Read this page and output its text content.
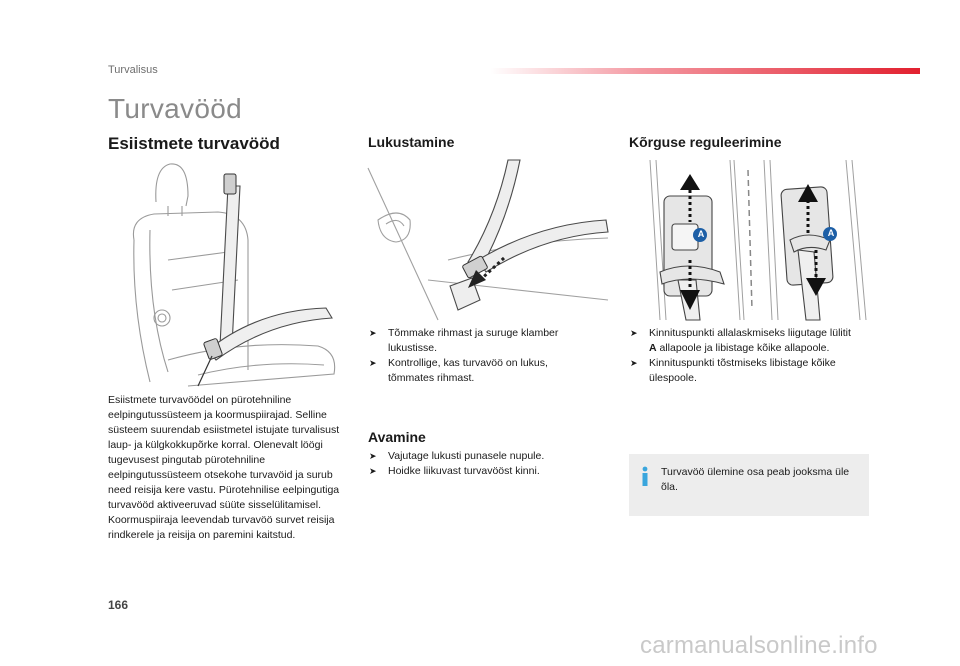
Turvalisus
Turvavööd
Esiistmete turvavööd
Esiistmete turvavöödel on pürotehniline eelpingutussüsteem ja koormuspiirajad. Selline süsteem suurendab esiistmetel istujate turvalisust laup- ja külgkokkupõrke korral. Olenevalt löögi tugevusest pingutab pürotehniline eelpingutussüsteem otsekohe turvavöid ja surub need reisija kere vastu. Pürotehnilise eelpingutiga turvavööd aktiveeruvad süüte sisselülitamisel. Koormuspiiraja leevendab turvavöö survet reisija rindkerele ja reisija on paremini kaitstud.
Lukustamine
➤ Tõmmake rihmast ja suruge klamber lukustisse.
➤ Kontrollige, kas turvavöö on lukus, tõmmates rihmast.
Avamine
➤ Vajutage lukusti punasele nupule.
➤ Hoidke liikuvast turvavööst kinni.
Kõrguse reguleerimine
A	A
➤ Kinnituspunkti allalaskmiseks liigutage lülitit A allapoole ja libistage kõike allapoole.
➤ Kinnituspunkti tõstmiseks libistage kõike ülespoole.
Turvavöö ülemine osa peab jooksma üle õla.
166
carmanualsonline.info
